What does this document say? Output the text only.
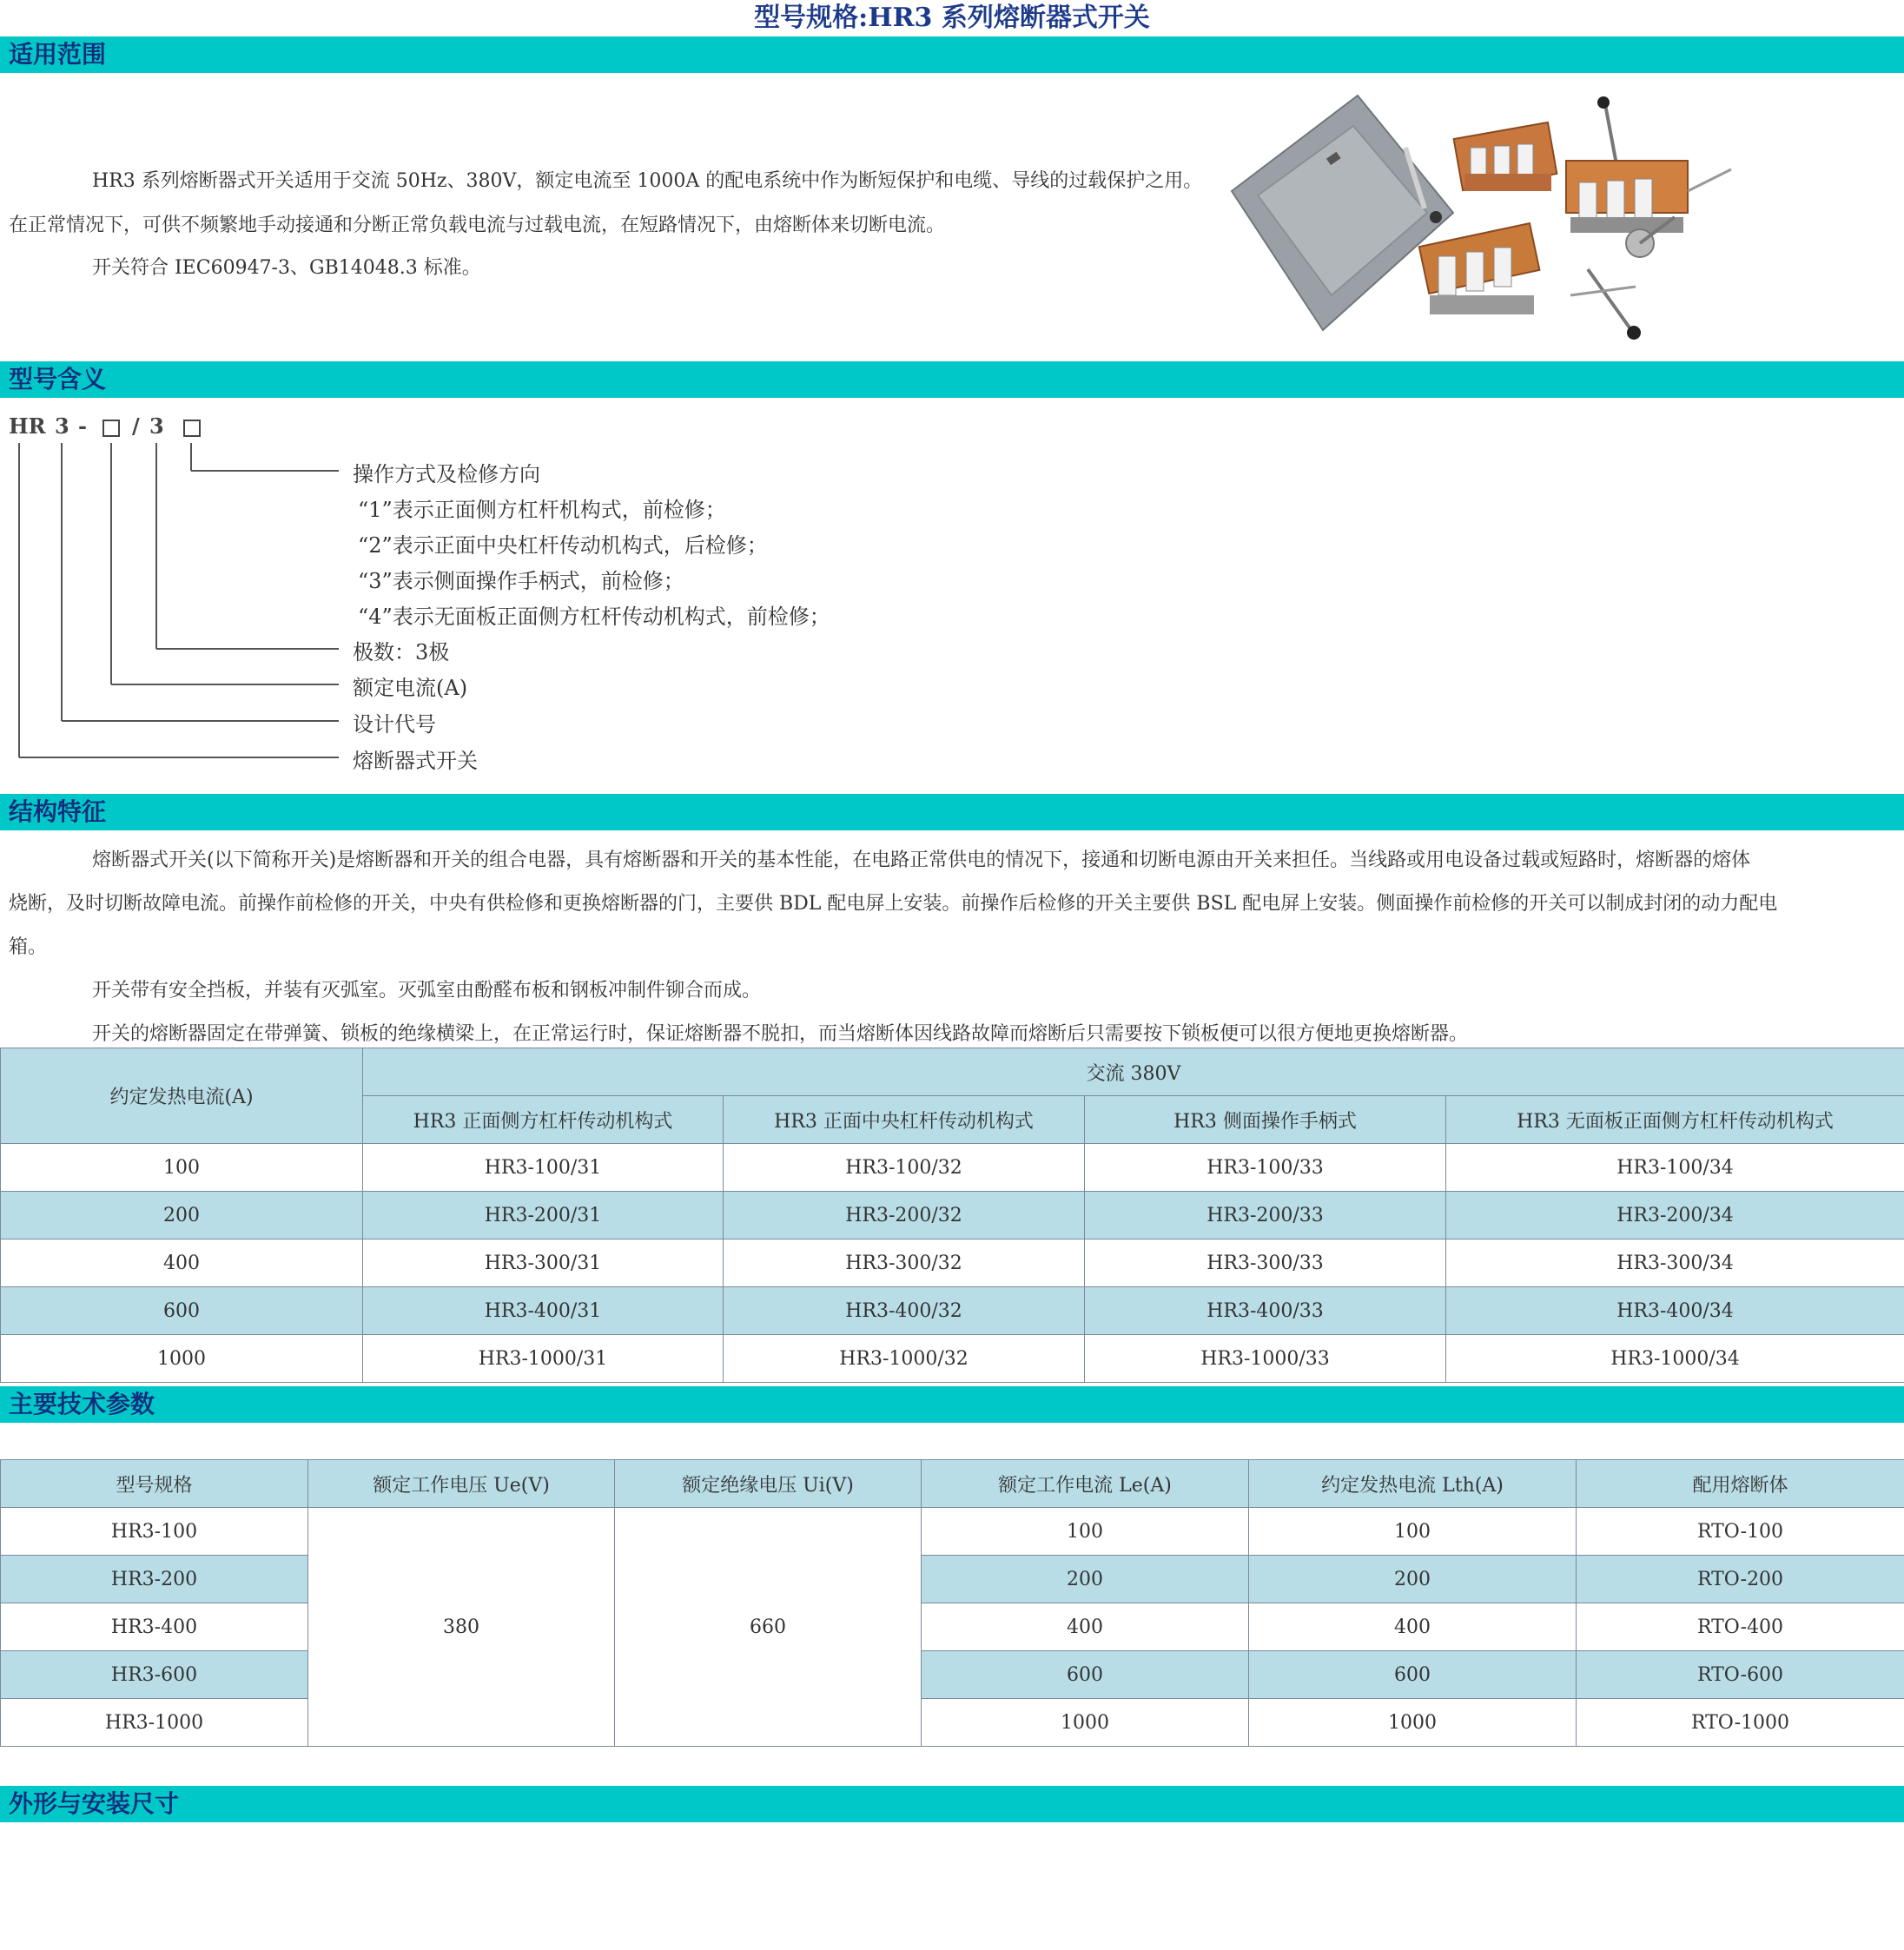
型号规格:HR3 系列熔断器式开关
适用范围
HR3 系列熔断器式开关适用于交流 50Hz、380V，额定电流至 1000A 的配电系统中作为断短保护和电缆、导线的过载保护之用。
在正常情况下，可供不频繁地手动接通和分断正常负载电流与过载电流，在短路情况下，由熔断体来切断电流。
开关符合 IEC60947-3、GB14048.3 标准。
型号含义
HR 3 - / 3
操作方式及检修方向
“1”表示正面侧方杠杆机构式，前检修；
“2”表示正面中央杠杆传动机构式，后检修；
“3”表示侧面操作手柄式，前检修；
“4”表示无面板正面侧方杠杆传动机构式，前检修；
极数：3极
额定电流(A)
设计代号
熔断器式开关
结构特征
熔断器式开关(以下简称开关)是熔断器和开关的组合电器，具有熔断器和开关的基本性能，在电路正常供电的情况下，接通和切断电源由开关来担任。当线路或用电设备过载或短路时，熔断器的熔体
烧断，及时切断故障电流。前操作前检修的开关，中央有供检修和更换熔断器的门，主要供 BDL 配电屏上安装。前操作后检修的开关主要供 BSL 配电屏上安装。侧面操作前检修的开关可以制成封闭的动力配电
箱。
开关带有安全挡板，并装有灭弧室。灭弧室由酚醛布板和钢板冲制件铆合而成。
开关的熔断器固定在带弹簧、锁板的绝缘横梁上，在正常运行时，保证熔断器不脱扣，而当熔断体因线路故障而熔断后只需要按下锁板便可以很方便地更换熔断器。
约定发热电流(A)	交流 380V			
	HR3 正面侧方杠杆传动机构式	HR3 正面中央杠杆传动机构式	HR3 侧面操作手柄式	HR3 无面板正面侧方杠杆传动机构式
100	HR3-100/31	HR3-100/32	HR3-100/33	HR3-100/34
200	HR3-200/31	HR3-200/32	HR3-200/33	HR3-200/34
400	HR3-300/31	HR3-300/32	HR3-300/33	HR3-300/34
600	HR3-400/31	HR3-400/32	HR3-400/33	HR3-400/34
1000	HR3-1000/31	HR3-1000/32	HR3-1000/33	HR3-1000/34
主要技术参数
型号规格	额定工作电压 Ue(V)	额定绝缘电压 Ui(V)	额定工作电流 Le(A)	约定发热电流 Lth(A)	配用熔断体
HR3-100	380	660	100	100	RTO-100
HR3-200			200	200	RTO-200
HR3-400			400	400	RTO-400
HR3-600			600	600	RTO-600
HR3-1000			1000	1000	RTO-1000
外形与安装尺寸
